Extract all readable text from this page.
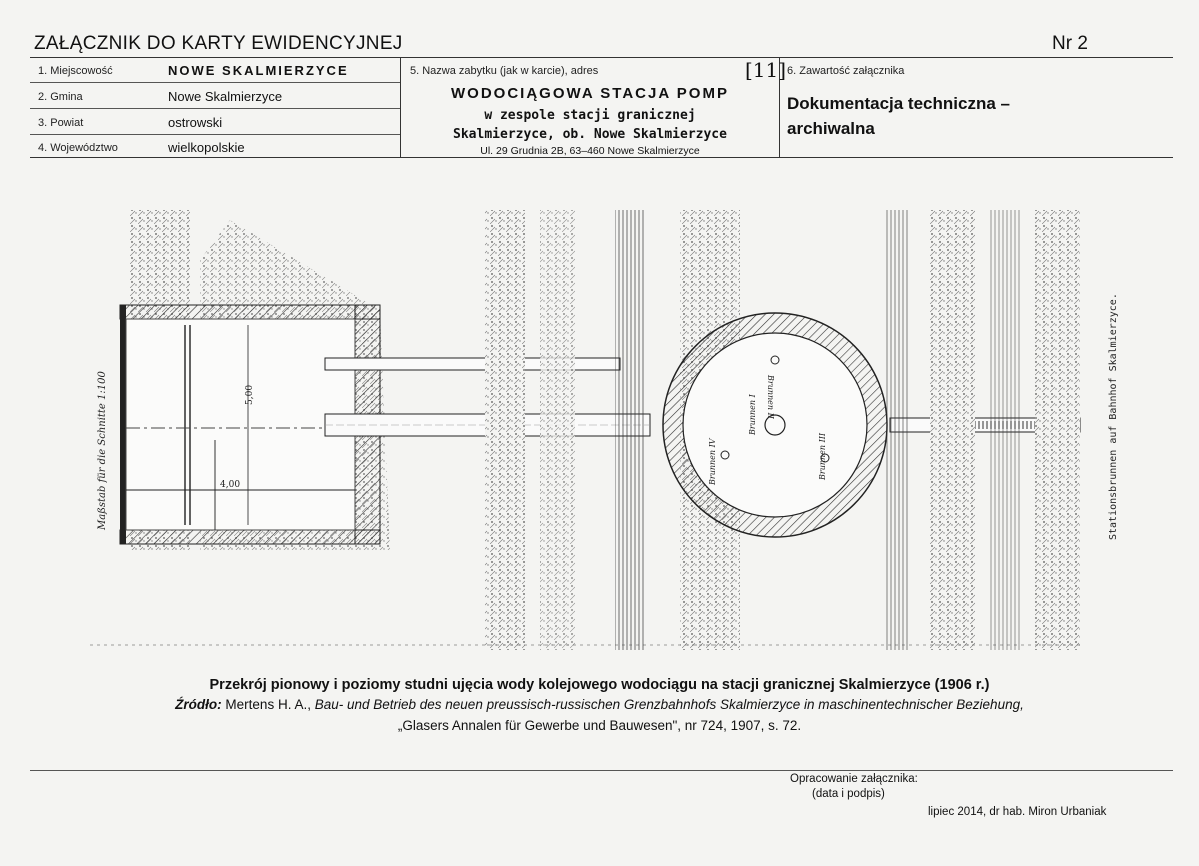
ZAŁĄCZNIK DO KARTY EWIDENCYJNEJ	Nr 2
1. Miejscowość	NOWE SKALMIERZYCE
2. Gmina	Nowe Skalmierzyce
3. Powiat	ostrowski
4. Województwo	wielkopolskie
5. Nazwa zabytku (jak w karcie), adres	[11]
WODOCIĄGOWA STACJA POMP
w zespole stacji granicznej
Skalmierzyce, ob. Nowe Skalmierzyce
Ul. 29 Grudnia 2B, 63–460 Nowe Skalmierzyce
6. Zawartość załącznika
Dokumentacja techniczna –
archiwalna
5,00
4,00
Brunnen I Brunnen II
Brunnen III
Brunnen IV
Maßstab für die Schnitte 1:100	Stationsbrunnen auf Bahnhof Skalmierzyce.
Przekrój pionowy i poziomy studni ujęcia wody kolejowego wodociągu na stacji granicznej Skalmierzyce (1906 r.)
Źródło: Mertens H. A., Bau- und Betrieb des neuen preussisch-russischen Grenzbahnhofs Skalmierzyce in maschinentechnischer Beziehung,
„Glasers Annalen für Gewerbe und Bauwesen", nr 724, 1907, s. 72.
Opracowanie załącznika:
(data i podpis)
lipiec 2014, dr hab. Miron Urbaniak
